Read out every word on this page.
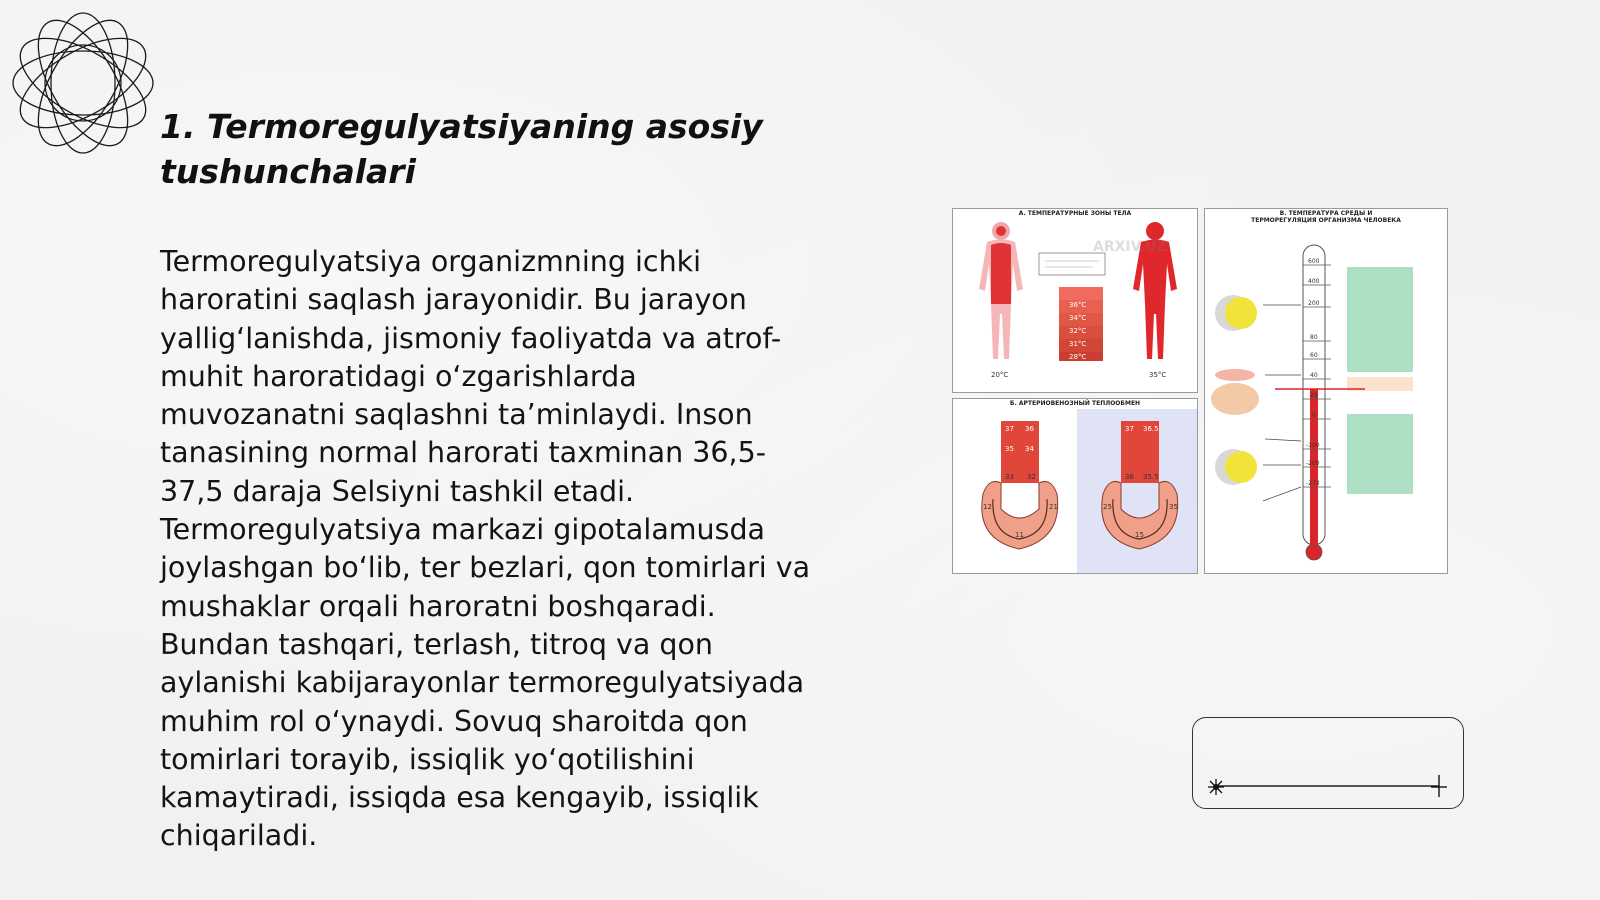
1. Termoregulyatsiyaning asosiy
tushunchalari

Termoregulyatsiya organizmning ichki
haroratini saqlash jarayonidir. Bu jarayon
yallig‘lanishda, jismoniy faoliyatda va atrof-
muhit haroratidagi o‘zgarishlarda
muvozanatni saqlashni ta’minlaydi. Inson
tanasining normal harorati taxminan 36,5-
37,5 daraja Selsiyni tashkil etadi.
Termoregulyatsiya markazi gipotalamusda
joylashgan bo‘lib, ter bezlari, qon tomirlari va
mushaklar orqali haroratni boshqaradi.
Bundan tashqari, terlash, titroq va qon
aylanishi kabijarayonlar termoregulyatsiyada
muhim rol o‘ynaydi. Sovuq sharoitda qon
tomirlari torayib, issiqlik yo‘qotilishini
kamaytiradi, issiqda esa kengayib, issiqlik
chiqariladi.

А. ТЕМПЕРАТУРНЫЕ ЗОНЫ ТЕЛА
36°C
34°C
32°C
31°C
28°C
20°C	35°C
ARXIV.UZ
Б. АРТЕРИОВЕНОЗНЫЙ ТЕПЛООБМЕН
37 36
35 34
33 32
12
11
21
37 36.5
36 35.5
25
15
35
В. ТЕМПЕРАТУРА СРЕДЫ И
ТЕРМОРЕГУЛЯЦИЯ ОРГАНИЗМА ЧЕЛОВЕКА
600
400
200
80
60
40
20
0
-100
-200
-273
